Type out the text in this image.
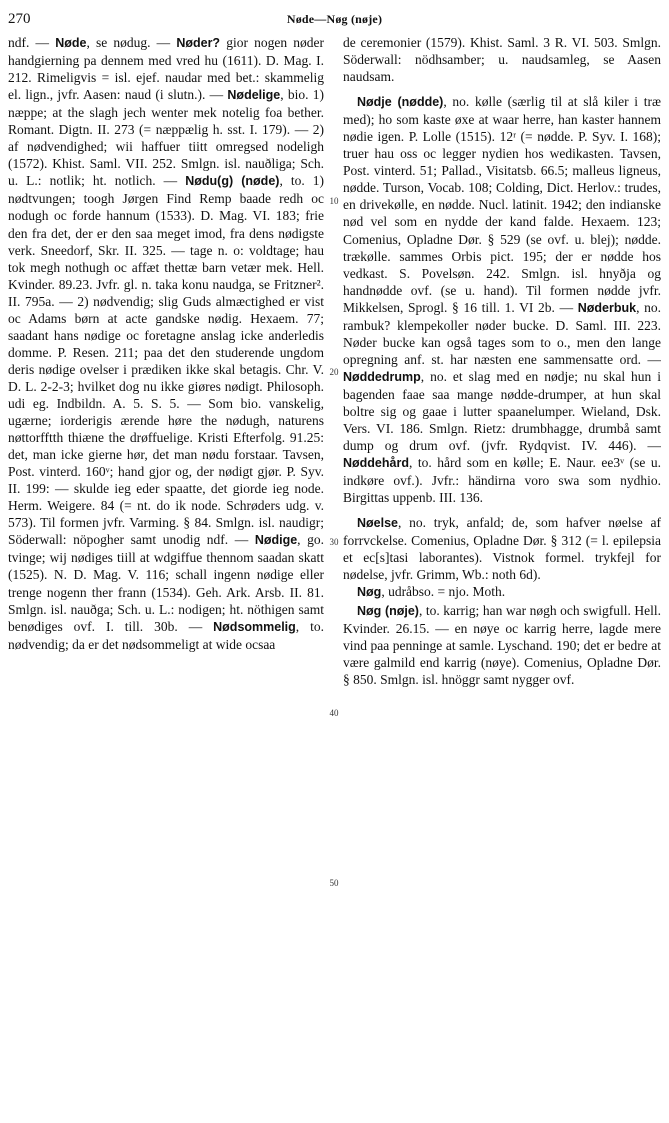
270	Nøde—Nøg (nøje)

ndf. — Nøde, se nødug. — Nøder? gior nogen nøder handgierning pa dennem med vred hu (1611). D. Mag. I. 212. Rimeligvis = isl. ejef. naudar med bet.: skammelig el. lign., jvfr. Aasen: naud (i slutn.). — Nødelige, bio. 1) næppe; at the slagh jech wenter mek notelig foa bether. Romant. Digtn. II. 273 (= næppælig h. sst. I. 179). — 2) af nødvendighed; wii haffuer tiitt omregsed nodeligh (1572). Khist. Saml. VII. 252. Smlgn. isl. nauðliga; Sch. u. L.: notlik; ht. notlich. — Nødu(g) (nøde), to. 1) nødtvungen; toogh Jørgen Find Remp baade redh oc nodugh oc forde hannum (1533). D. Mag. VI. 183; frie den fra det, der er den saa meget imod, fra dens nødigste verk. Sneedorf, Skr. II. 325. — tage n. o: voldtage; hau tok megh nothugh oc affæt thettæ barn vetær mek. Hell. Kvinder. 89.23. Jvfr. gl. n. taka konu naudga, se Fritzner². II. 795a. — 2) nødvendig; slig Guds almæctighed er vist oc Adams børn at acte gandske nødig. Hexaem. 77; saadant hans nødige oc foretagne anslag icke anderledis domme. P. Resen. 211; paa det den studerende ungdom deris nødige ovelser i prædiken ikke skal betagis. Chr. V. D. L. 2-2-3; hvilket dog nu ikke giøres nødigt. Philosoph. udi eg. Indbildn. A. 5. S. 5. — Som bio. vanskelig, ugærne; iorderigis ærende høre the nødugh, naturens nøttorfftth thiæne the drøffuelige. Kristi Efterfolg. 91.25: det, man icke gierne hør, det man nødu forstaar. Tavsen, Post. vinterd. 160ᵛ; hand gjor og, der nødigt gjør. P. Syv. II. 199: — skulde ieg eder spaatte, det giorde ieg node. Herm. Weigere. 84 (= nt. do ik node. Schrøders udg. v. 573). Til formen jvfr. Varming. § 84. Smlgn. isl. naudigr; Söderwall: nöpogher samt unodig ndf. — Nødige, go. tvinge; wij nødiges tiill at wdgiffue thennom saadan skatt (1525). N. D. Mag. V. 116; schall ingenn nødige eller trenge nogenn ther frann (1534). Geh. Ark. Arsb. II. 81. Smlgn. isl. nauðga; Sch. u. L.: nodigen; ht. nöthigen samt benødiges ovf. I. till. 30b. — Nødsommelig, to. nødvendig; da er det nødsommeligt at wide ocsaa

10
20
30
40
50

de ceremonier (1579). Khist. Saml. 3 R. VI. 503. Smlgn. Söderwall: nödhsamber; u. naudsamleg, se Aasen naudsam.

Nødje (nødde), no. kølle (særlig til at slå kiler i træ med); ho som kaste øxe at waar herre, han kaster hannem nødie igen. P. Lolle (1515). 12ʳ (= nødde. P. Syv. I. 168); truer hau oss oc legger nydien hos wedikasten. Tavsen, Post. vinterd. 51; Pallad., Visitatsb. 66.5; malleus ligneus, nødde. Turson, Vocab. 108; Colding, Dict. Herlov.: trudes, en drivekølle, en nødde. Nucl. latinit. 1942; den indianske nød vel som en nydde der kand falde. Hexaem. 123; Comenius, Opladne Dør. § 529 (se ovf. u. blej); nødde. trækølle. sammes Orbis pict. 195; der er nødde hos vedkast. S. Povelsøn. 242. Smlgn. isl. hnyðja og handnødde ovf. (se u. hand). Til formen nødde jvfr. Mikkelsen, Sprogl. § 16 till. 1. VI 2b. — Nøderbuk, no. rambuk? klempekoller nøder bucke. D. Saml. III. 223. Nøder bucke kan også tages som to o., men den lange opregning anf. st. har næsten ene sammensatte ord. — Nøddedrump, no. et slag med en nødje; nu skal hun i bagenden faae saa mange nødde-drumper, at hun skal boltre sig og gaae i lutter spaanelumper. Wieland, Dsk. Vers. VI. 186. Smlgn. Rietz: drumbhagge, drumbå samt dump og drum ovf. (jvfr. Rydqvist. IV. 446). — Nøddehård, to. hård som en kølle; E. Naur. ee3ᵛ (se u. indkøre ovf.). Jvfr.: händirna voro swa som nydhio. Birgittas uppenb. III. 136.

Nøelse, no. tryk, anfald; de, som hafver nøelse af forrvckelse. Comenius, Opladne Dør. § 312 (= l. epilepsia et ec[s]tasi laborantes). Vistnok formel. trykfejl for nødelse, jvfr. Grimm, Wb.: noth 6d).

Nøg, udråbso. = njo. Moth.

Nøg (nøje), to. karrig; han war nøgh och swigfull. Hell. Kvinder. 26.15. — en nøye oc karrig herre, lagde mere vind paa penninge at samle. Lyschand. 190; det er bedre at være galmild end karrig (nøye). Comenius, Opladne Dør. § 850. Smlgn. isl. hnöggr samt nygger ovf.
